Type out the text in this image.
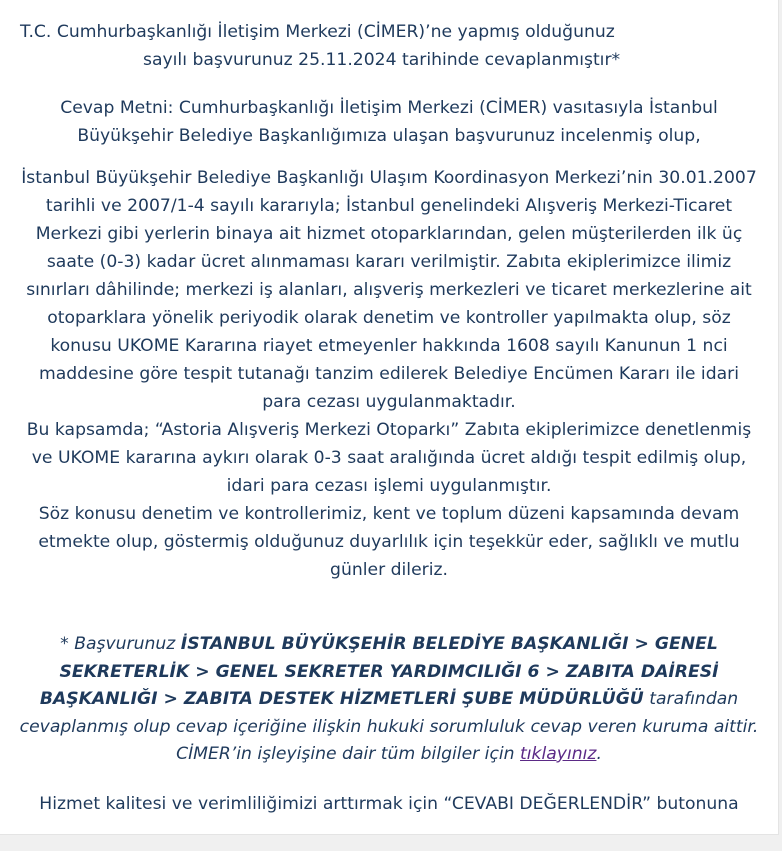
T.C. Cumhurbaşkanlığı İletişim Merkezi (CİMER)’ne yapmış olduğunuz
sayılı başvurunuz 25.11.2024 tarihinde cevaplanmıştır*

Cevap Metni: Cumhurbaşkanlığı İletişim Merkezi (CİMER) vasıtasıyla İstanbul
Büyükşehir Belediye Başkanlığımıza ulaşan başvurunuz incelenmiş olup,

İstanbul Büyükşehir Belediye Başkanlığı Ulaşım Koordinasyon Merkezi’nin 30.01.2007
tarihli ve 2007/1-4 sayılı kararıyla; İstanbul genelindeki Alışveriş Merkezi-Ticaret
Merkezi gibi yerlerin binaya ait hizmet otoparklarından, gelen müşterilerden ilk üç
saate (0-3) kadar ücret alınmaması kararı verilmiştir. Zabıta ekiplerimizce ilimiz
sınırları dâhilinde; merkezi iş alanları, alışveriş merkezleri ve ticaret merkezlerine ait
otoparklara yönelik periyodik olarak denetim ve kontroller yapılmakta olup, söz
konusu UKOME Kararına riayet etmeyenler hakkında 1608 sayılı Kanunun 1 nci
maddesine göre tespit tutanağı tanzim edilerek Belediye Encümen Kararı ile idari
para cezası uygulanmaktadır.
Bu kapsamda; “Astoria Alışveriş Merkezi Otoparkı” Zabıta ekiplerimizce denetlenmiş
ve UKOME kararına aykırı olarak 0-3 saat aralığında ücret aldığı tespit edilmiş olup,
idari para cezası işlemi uygulanmıştır.
Söz konusu denetim ve kontrollerimiz, kent ve toplum düzeni kapsamında devam
etmekte olup, göstermiş olduğunuz duyarlılık için teşekkür eder, sağlıklı ve mutlu
günler dileriz.

* Başvurunuz İSTANBUL BÜYÜKŞEHİR BELEDİYE BAŞKANLIĞI > GENEL
SEKRETERLİK > GENEL SEKRETER YARDIMCILIĞI 6 > ZABITA DAİRESİ
BAŞKANLIĞI > ZABITA DESTEK HİZMETLERİ ŞUBE MÜDÜRLÜĞÜ tarafından
cevaplanmış olup cevap içeriğine ilişkin hukuki sorumluluk cevap veren kuruma aittir.
CİMER’in işleyişine dair tüm bilgiler için tıklayınız.

Hizmet kalitesi ve verimliliğimizi arttırmak için “CEVABI DEĞERLENDİR” butonuna
